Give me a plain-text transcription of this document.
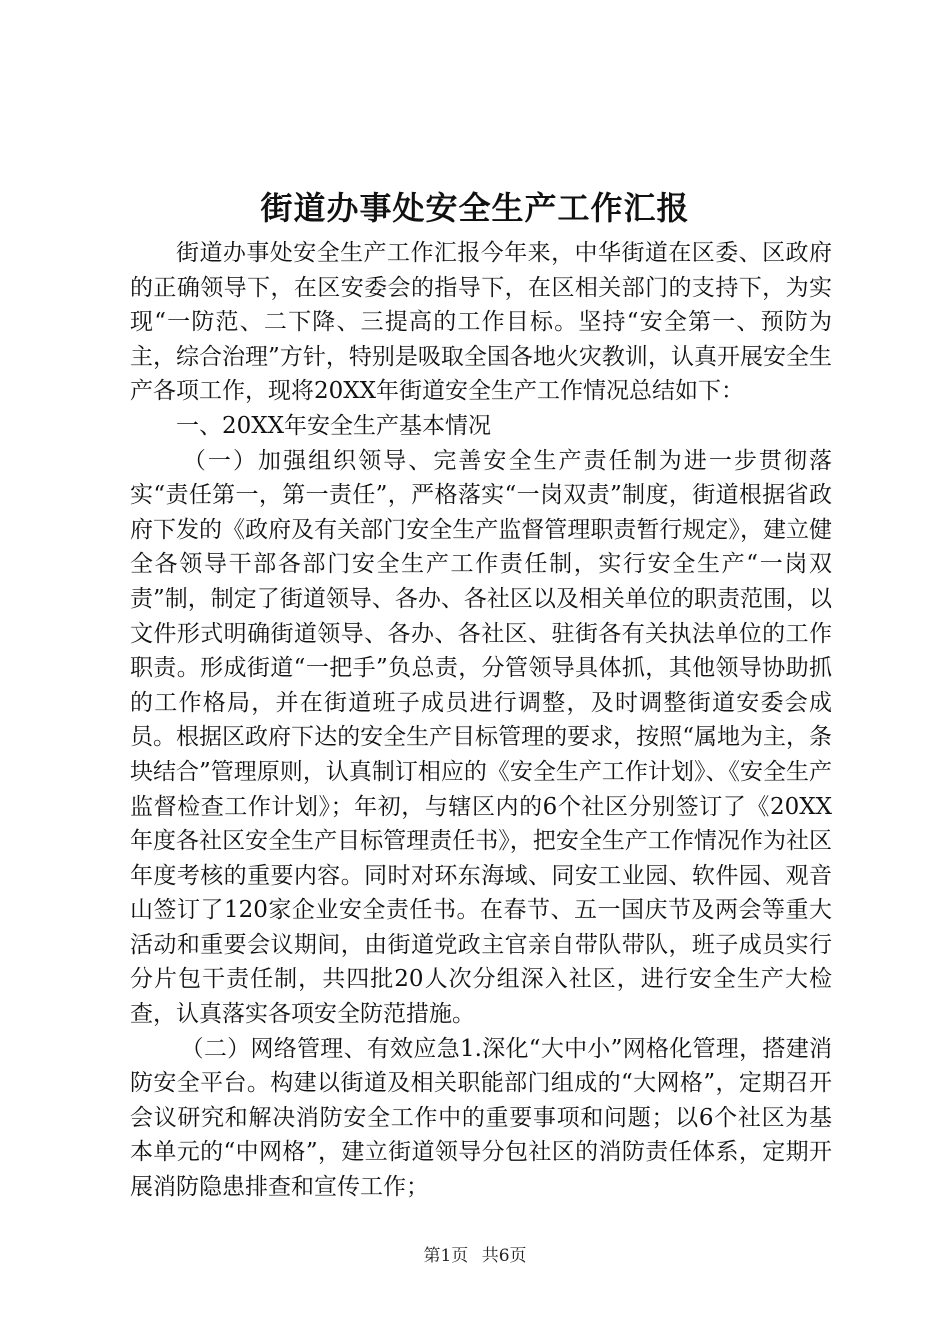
街道办事处安全生产工作汇报

街道办事处安全生产工作汇报今年来，中华街道在区委、区政府的正确领导下，在区安委会的指导下，在区相关部门的支持下，为实现“一防范、二下降、三提高的工作目标。坚持“安全第一、预防为主，综合治理”方针，特别是吸取全国各地火灾教训，认真开展安全生产各项工作，现将20XX年街道安全生产工作情况总结如下：

一、20XX年安全生产基本情况

（一）加强组织领导、完善安全生产责任制为进一步贯彻落实“责任第一，第一责任”，严格落实“一岗双责”制度，街道根据省政府下发的《政府及有关部门安全生产监督管理职责暂行规定》，建立健全各领导干部各部门安全生产工作责任制，实行安全生产“一岗双责”制，制定了街道领导、各办、各社区以及相关单位的职责范围，以文件形式明确街道领导、各办、各社区、驻街各有关执法单位的工作职责。形成街道“一把手”负总责，分管领导具体抓，其他领导协助抓的工作格局，并在街道班子成员进行调整，及时调整街道安委会成员。根据区政府下达的安全生产目标管理的要求，按照“属地为主，条块结合”管理原则，认真制订相应的《安全生产工作计划》、《安全生产监督检查工作计划》；年初，与辖区内的6个社区分别签订了《20XX年度各社区安全生产目标管理责任书》，把安全生产工作情况作为社区年度考核的重要内容。同时对环东海域、同安工业园、软件园、观音山签订了120家企业安全责任书。在春节、五一国庆节及两会等重大活动和重要会议期间，由街道党政主官亲自带队带队，班子成员实行分片包干责任制，共四批20人次分组深入社区，进行安全生产大检查，认真落实各项安全防范措施。

（二）网络管理、有效应急1.深化“大中小”网格化管理，搭建消防安全平台。构建以街道及相关职能部门组成的“大网格”，定期召开会议研究和解决消防安全工作中的重要事项和问题；以6个社区为基本单元的“中网格”，建立街道领导分包社区的消防责任体系，定期开展消防隐患排查和宣传工作；

第1页 共6页
